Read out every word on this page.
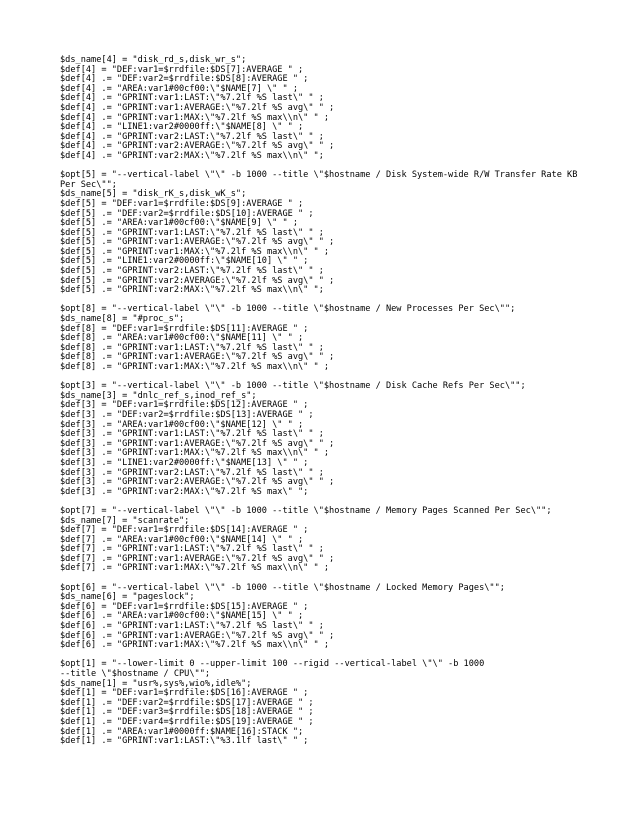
$ds_name[4] = "disk_rd_s,disk_wr_s";
$def[4] = "DEF:var1=$rrdfile:$DS[7]:AVERAGE " ;
$def[4] .= "DEF:var2=$rrdfile:$DS[8]:AVERAGE " ;
$def[4] .= "AREA:var1#00cf00:\"$NAME[7] \" " ;
$def[4] .= "GPRINT:var1:LAST:\"%7.2lf %S last\" " ;
$def[4] .= "GPRINT:var1:AVERAGE:\"%7.2lf %S avg\" " ;
$def[4] .= "GPRINT:var1:MAX:\"%7.2lf %S max\\n\" " ;
$def[4] .= "LINE1:var2#0000ff:\"$NAME[8] \" " ;
$def[4] .= "GPRINT:var2:LAST:\"%7.2lf %S last\" " ;
$def[4] .= "GPRINT:var2:AVERAGE:\"%7.2lf %S avg\" " ;
$def[4] .= "GPRINT:var2:MAX:\"%7.2lf %S max\\n\" ";
$opt[5] = "--vertical-label \"\" -b 1000 --title \"$hostname / Disk System-wide R/W Transfer Rate KB
Per Sec\"";
$ds_name[5] = "disk_rK_s,disk_wK_s";
$def[5] = "DEF:var1=$rrdfile:$DS[9]:AVERAGE " ;
$def[5] .= "DEF:var2=$rrdfile:$DS[10]:AVERAGE " ;
$def[5] .= "AREA:var1#00cf00:\"$NAME[9] \" " ;
$def[5] .= "GPRINT:var1:LAST:\"%7.2lf %S last\" " ;
$def[5] .= "GPRINT:var1:AVERAGE:\"%7.2lf %S avg\" " ;
$def[5] .= "GPRINT:var1:MAX:\"%7.2lf %S max\\n\" " ;
$def[5] .= "LINE1:var2#0000ff:\"$NAME[10] \" " ;
$def[5] .= "GPRINT:var2:LAST:\"%7.2lf %S last\" " ;
$def[5] .= "GPRINT:var2:AVERAGE:\"%7.2lf %S avg\" " ;
$def[5] .= "GPRINT:var2:MAX:\"%7.2lf %S max\\n\" ";
$opt[8] = "--vertical-label \"\" -b 1000 --title \"$hostname / New Processes Per Sec\"";
$ds_name[8] = "#proc_s";
$def[8] = "DEF:var1=$rrdfile:$DS[11]:AVERAGE " ;
$def[8] .= "AREA:var1#00cf00:\"$NAME[11] \" " ;
$def[8] .= "GPRINT:var1:LAST:\"%7.2lf %S last\" " ;
$def[8] .= "GPRINT:var1:AVERAGE:\"%7.2lf %S avg\" " ;
$def[8] .= "GPRINT:var1:MAX:\"%7.2lf %S max\\n\" " ;
$opt[3] = "--vertical-label \"\" -b 1000 --title \"$hostname / Disk Cache Refs Per Sec\"";
$ds_name[3] = "dnlc_ref_s,inod_ref_s";
$def[3] = "DEF:var1=$rrdfile:$DS[12]:AVERAGE " ;
$def[3] .= "DEF:var2=$rrdfile:$DS[13]:AVERAGE " ;
$def[3] .= "AREA:var1#00cf00:\"$NAME[12] \" " ;
$def[3] .= "GPRINT:var1:LAST:\"%7.2lf %S last\" " ;
$def[3] .= "GPRINT:var1:AVERAGE:\"%7.2lf %S avg\" " ;
$def[3] .= "GPRINT:var1:MAX:\"%7.2lf %S max\\n\" " ;
$def[3] .= "LINE1:var2#0000ff:\"$NAME[13] \" " ;
$def[3] .= "GPRINT:var2:LAST:\"%7.2lf %S last\" " ;
$def[3] .= "GPRINT:var2:AVERAGE:\"%7.2lf %S avg\" " ;
$def[3] .= "GPRINT:var2:MAX:\"%7.2lf %S max\" ";
$opt[7] = "--vertical-label \"\" -b 1000 --title \"$hostname / Memory Pages Scanned Per Sec\"";
$ds_name[7] = "scanrate";
$def[7] = "DEF:var1=$rrdfile:$DS[14]:AVERAGE " ;
$def[7] .= "AREA:var1#00cf00:\"$NAME[14] \" " ;
$def[7] .= "GPRINT:var1:LAST:\"%7.2lf %S last\" " ;
$def[7] .= "GPRINT:var1:AVERAGE:\"%7.2lf %S avg\" " ;
$def[7] .= "GPRINT:var1:MAX:\"%7.2lf %S max\\n\" " ;
$opt[6] = "--vertical-label \"\" -b 1000 --title \"$hostname / Locked Memory Pages\"";
$ds_name[6] = "pageslock";
$def[6] = "DEF:var1=$rrdfile:$DS[15]:AVERAGE " ;
$def[6] .= "AREA:var1#00cf00:\"$NAME[15] \" " ;
$def[6] .= "GPRINT:var1:LAST:\"%7.2lf %S last\" " ;
$def[6] .= "GPRINT:var1:AVERAGE:\"%7.2lf %S avg\" " ;
$def[6] .= "GPRINT:var1:MAX:\"%7.2lf %S max\\n\" " ;
$opt[1] = "--lower-limit 0 --upper-limit 100 --rigid --vertical-label \"\" -b 1000
--title \"$hostname / CPU\"";
$ds_name[1] = "usr%,sys%,wio%,idle%";
$def[1] = "DEF:var1=$rrdfile:$DS[16]:AVERAGE " ;
$def[1] .= "DEF:var2=$rrdfile:$DS[17]:AVERAGE " ;
$def[1] .= "DEF:var3=$rrdfile:$DS[18]:AVERAGE " ;
$def[1] .= "DEF:var4=$rrdfile:$DS[19]:AVERAGE " ;
$def[1] .= "AREA:var1#0000ff:$NAME[16]:STACK ";
$def[1] .= "GPRINT:var1:LAST:\"%3.1lf last\" " ;
